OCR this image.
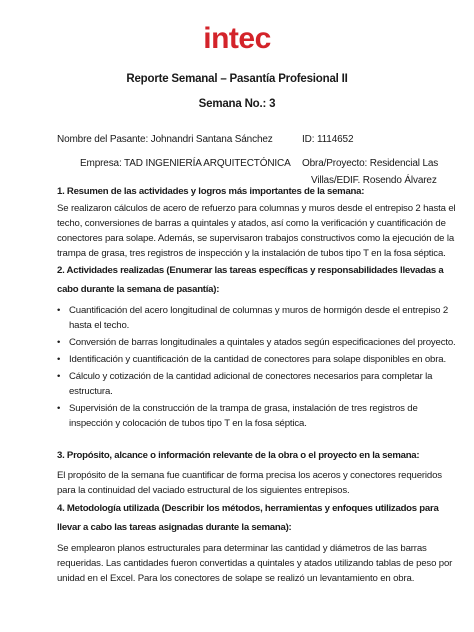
intec
Reporte Semanal – Pasantía Profesional II
Semana No.: 3
Nombre del Pasante: Johnandri Santana Sánchez	ID: 1114652
Empresa: TAD INGENIERÍA ARQUITECTÓNICA Obra/Proyecto: Residencial Las
Villas/EDIF. Rosendo Álvarez
1. Resumen de las actividades y logros más importantes de la semana:
Se realizaron cálculos de acero de refuerzo para columnas y muros desde el entrepiso 2 hasta el
techo, conversiones de barras a quintales y atados, así como la verificación y cuantificación de
conectores para solape. Además, se supervisaron trabajos constructivos como la ejecución de la
trampa de grasa, tres registros de inspección y la instalación de tubos tipo T en la fosa séptica.
2. Actividades realizadas (Enumerar las tareas específicas y responsabilidades llevadas a
cabo durante la semana de pasantía):
• Cuantificación del acero longitudinal de columnas y muros de hormigón desde el entrepiso 2
hasta el techo.
• Conversión de barras longitudinales a quintales y atados según especificaciones del proyecto.
• Identificación y cuantificación de la cantidad de conectores para solape disponibles en obra.
• Cálculo y cotización de la cantidad adicional de conectores necesarios para completar la
estructura.
• Supervisión de la construcción de la trampa de grasa, instalación de tres registros de
inspección y colocación de tubos tipo T en la fosa séptica.
3. Propósito, alcance o información relevante de la obra o el proyecto en la semana:
El propósito de la semana fue cuantificar de forma precisa los aceros y conectores requeridos
para la continuidad del vaciado estructural de los siguientes entrepisos.
4. Metodología utilizada (Describir los métodos, herramientas y enfoques utilizados para
llevar a cabo las tareas asignadas durante la semana):
Se emplearon planos estructurales para determinar las cantidad y diámetros de las barras
requeridas. Las cantidades fueron convertidas a quintales y atados utilizando tablas de peso por
unidad en el Excel. Para los conectores de solape se realizó un levantamiento en obra.
